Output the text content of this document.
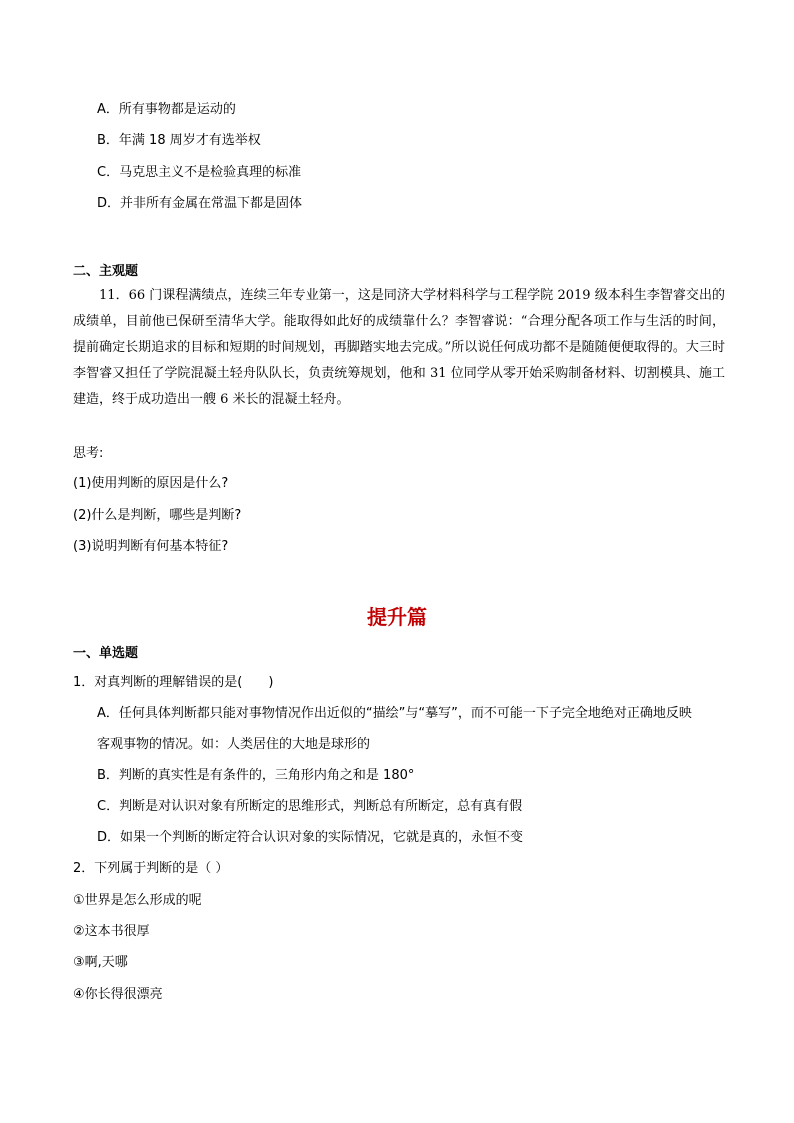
A．所有事物都是运动的
B．年满 18 周岁才有选举权
C．马克思主义不是检验真理的标准
D．并非所有金属在常温下都是固体
二、主观题
11．66 门课程满绩点，连续三年专业第一，这是同济大学材料科学与工程学院 2019 级本科生李智睿交出的成绩单，目前他已保研至清华大学。能取得如此好的成绩靠什么？李智睿说：“合理分配各项工作与生活的时间，提前确定长期追求的目标和短期的时间规划，再脚踏实地去完成。”所以说任何成功都不是随随便便取得的。大三时李智睿又担任了学院混凝土轻舟队队长，负责统筹规划，他和 31 位同学从零开始采购制备材料、切割模具、施工建造，终于成功造出一艘 6 米长的混凝土轻舟。
思考:
(1)使用判断的原因是什么?
(2)什么是判断，哪些是判断?
(3)说明判断有何基本特征?
提升篇
一、单选题
1．对真判断的理解错误的是(　　)
A．任何具体判断都只能对事物情况作出近似的“描绘”与“摹写”，而不可能一下子完全地绝对正确地反映
客观事物的情况。如：人类居住的大地是球形的
B．判断的真实性是有条件的，三角形内角之和是 180°
C．判断是对认识对象有所断定的思维形式，判断总有所断定，总有真有假
D．如果一个判断的断定符合认识对象的实际情况，它就是真的，永恒不变
2．下列属于判断的是（ ）
①世界是怎么形成的呢
②这本书很厚
③啊,天哪
④你长得很漂亮
